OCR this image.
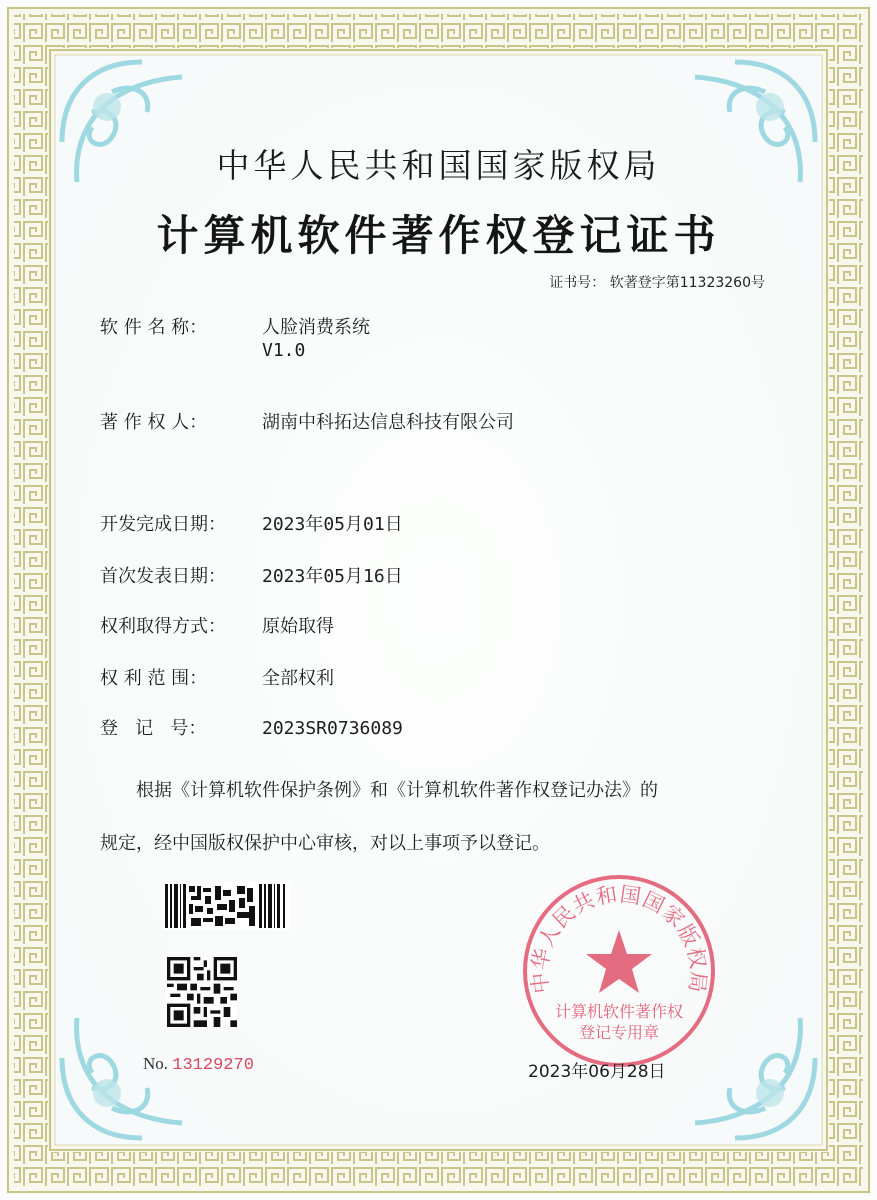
中华人民共和国国家版权局
计算机软件著作权登记证书
证书号： 软著登字第11323260号
软 件 名 称：	人脸消费系统
V1.0
著 作 权 人：	湖南中科拓达信息科技有限公司
开发完成日期： 2023年05月01日
首次发表日期： 2023年05月16日
权利取得方式： 原始取得
权 利 范 围：	全部权利
登   记   号：	2023SR0736089
根据《计算机软件保护条例》和《计算机软件著作权登记办法》的
规定，经中国版权保护中心审核，对以上事项予以登记。
No. 13129270
中华人民共和国国家版权局
计算机软件著作权
登记专用章
2023年06月28日
